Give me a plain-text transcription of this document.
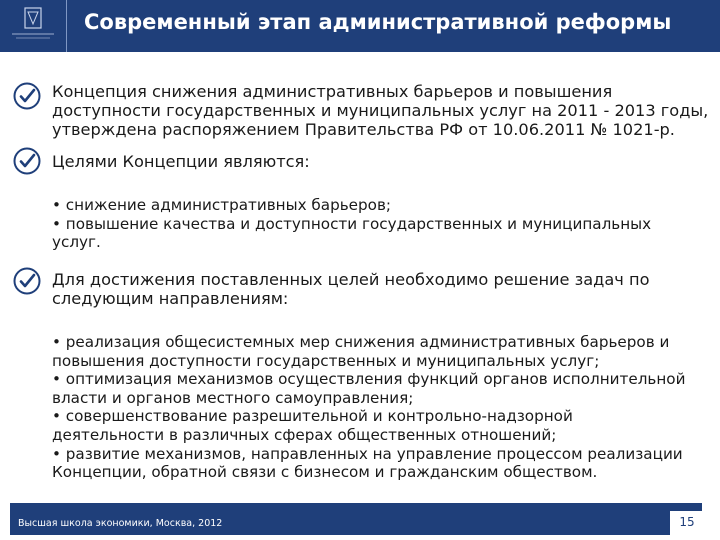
Современный этап административной реформы
Концепция снижения административных барьеров и повышения
доступности государственных и муниципальных услуг на 2011 - 2013 годы,
утверждена распоряжением Правительства РФ от 10.06.2011 № 1021-р.
Целями Концепции являются:
• снижение административных барьеров;
• повышение качества и доступности государственных и муниципальных
услуг.
Для достижения поставленных целей необходимо решение задач по
следующим направлениям:
• реализация общесистемных мер снижения административных барьеров и
повышения доступности государственных и муниципальных услуг;
• оптимизация механизмов осуществления функций органов исполнительной
власти и органов местного самоуправления;
• совершенствование разрешительной и контрольно-надзорной
деятельности в различных сферах общественных отношений;
• развитие механизмов, направленных на управление процессом реализации
Концепции, обратной связи с бизнесом и гражданским обществом.
Высшая школа экономики, Москва, 2012	15
